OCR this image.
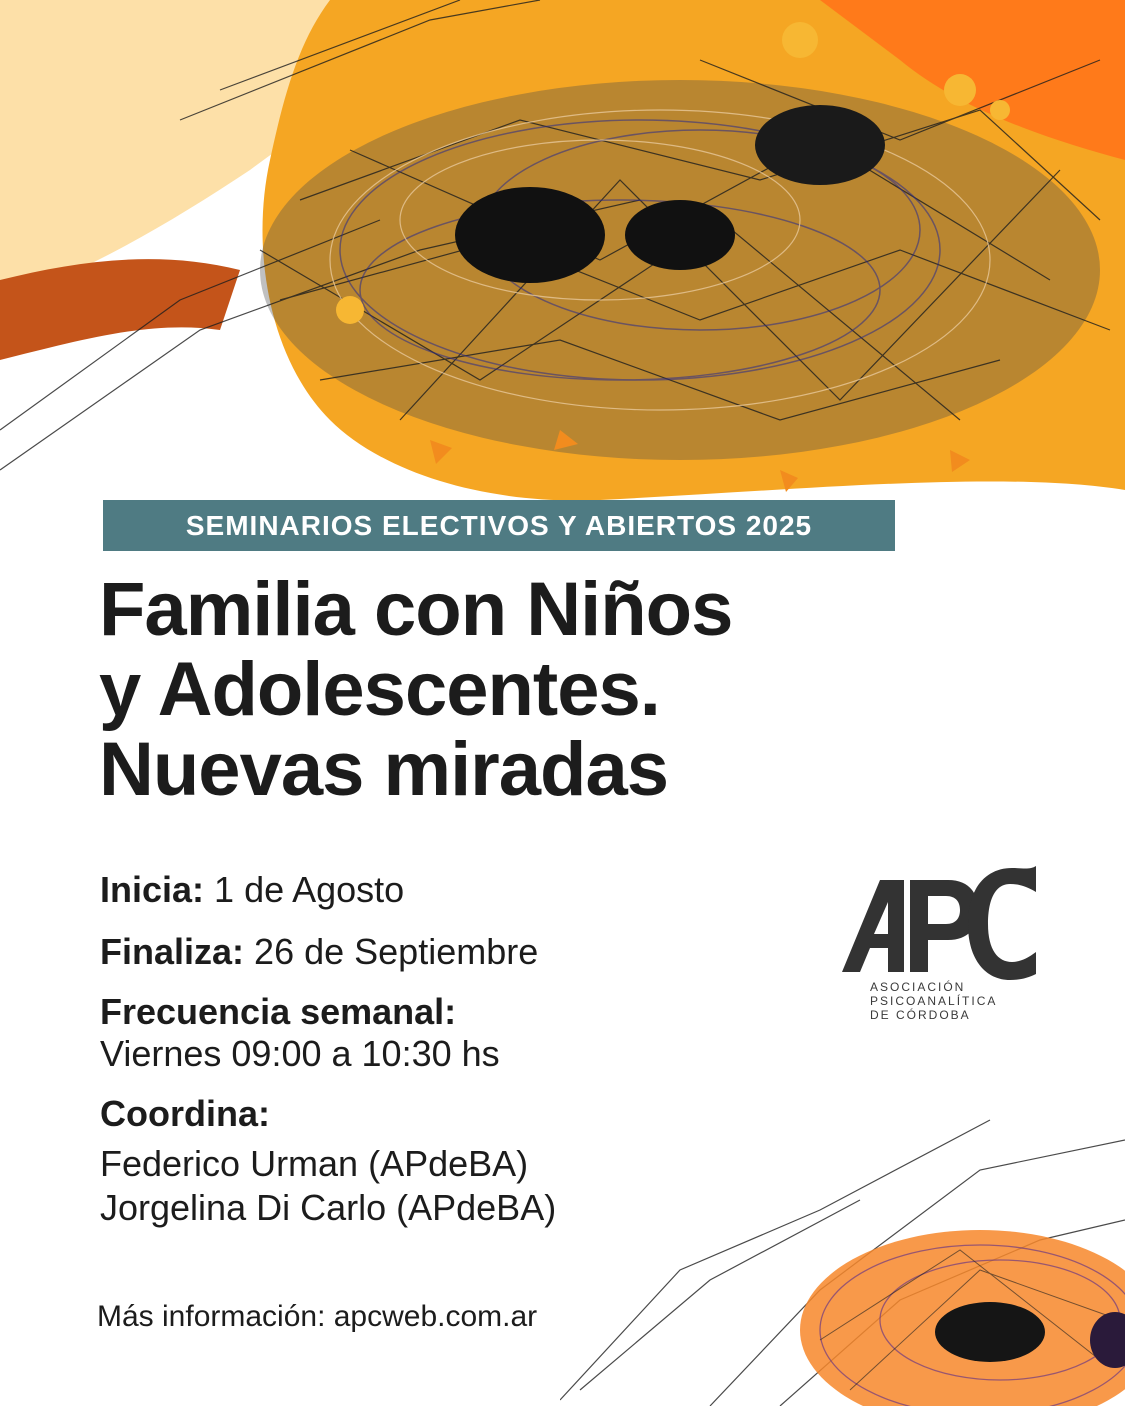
SEMINARIOS ELECTIVOS Y ABIERTOS 2025
Familia con Niños
y Adolescentes.
Nuevas miradas
Inicia: 1 de Agosto
Finaliza: 26 de Septiembre
Frecuencia semanal:
Viernes 09:00 a 10:30 hs
Coordina:
Federico Urman (APdeBA)
Jorgelina Di Carlo (APdeBA)
Más información: apcweb.com.ar
ASOCIACIÓN
PSICOANALÍTICA
DE CÓRDOBA
